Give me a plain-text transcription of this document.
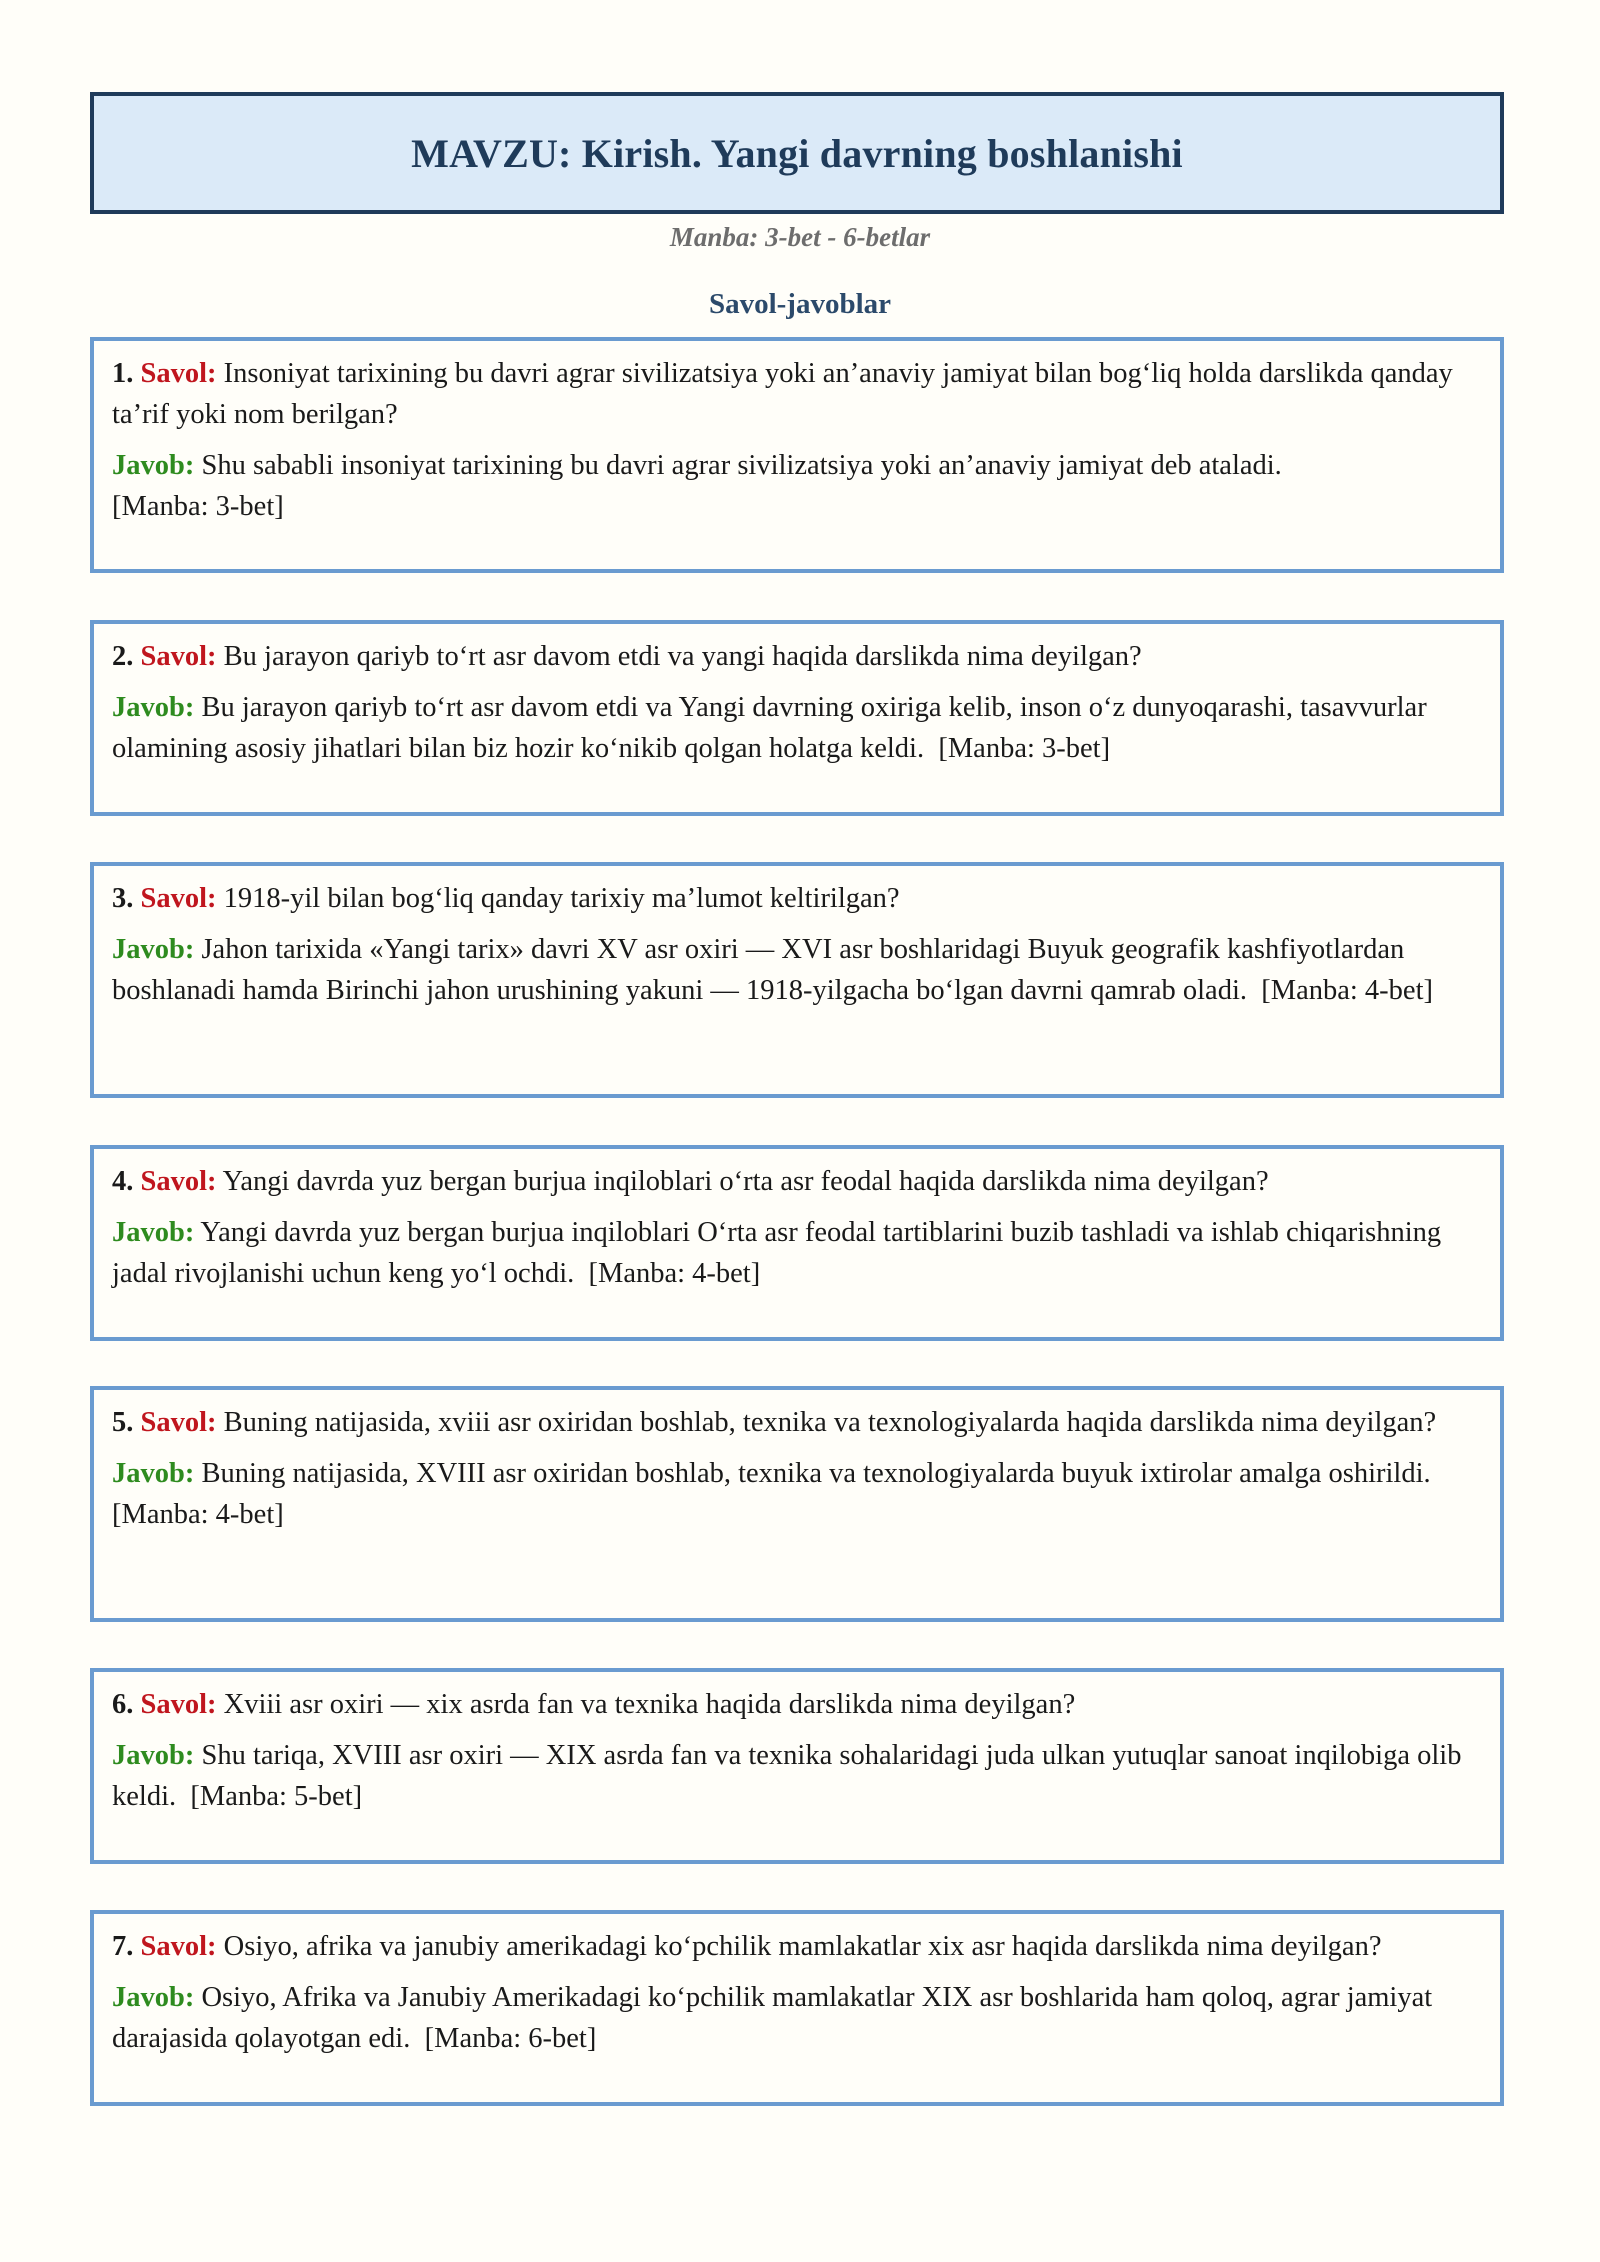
MAVZU: Kirish. Yangi davrning boshlanishi
Manba: 3-bet - 6-betlar
Savol-javoblar

1. Savol: Insoniyat tarixining bu davri agrar sivilizatsiya yoki an’anaviy jamiyat bilan bog‘liq holda darslikda qanday ta’rif yoki nom berilgan?

Javob: Shu sababli insoniyat tarixining bu davri agrar sivilizatsiya yoki an’anaviy jamiyat deb ataladi.
[Manba: 3-bet]

2. Savol: Bu jarayon qariyb to‘rt asr davom etdi va yangi haqida darslikda nima deyilgan?

Javob: Bu jarayon qariyb to‘rt asr davom etdi va Yangi davrning oxiriga kelib, inson o‘z dunyoqarashi, tasavvurlar olamining asosiy jihatlari bilan biz hozir ko‘nikib qolgan holatga keldi. [Manba: 3-bet]

3. Savol: 1918-yil bilan bog‘liq qanday tarixiy ma’lumot keltirilgan?

Javob: Jahon tarixida «Yangi tarix» davri XV asr oxiri — XVI asr boshlaridagi Buyuk geografik kashfiyotlardan boshlanadi hamda Birinchi jahon urushining yakuni — 1918-yilgacha bo‘lgan davrni qamrab oladi. [Manba: 4-bet]

4. Savol: Yangi davrda yuz bergan burjua inqiloblari o‘rta asr feodal haqida darslikda nima deyilgan?

Javob: Yangi davrda yuz bergan burjua inqiloblari O‘rta asr feodal tartiblarini buzib tashladi va ishlab chiqarishning jadal rivojlanishi uchun keng yo‘l ochdi. [Manba: 4-bet]

5. Savol: Buning natijasida, xviii asr oxiridan boshlab, texnika va texnologiyalarda haqida darslikda nima deyilgan?

Javob: Buning natijasida, XVIII asr oxiridan boshlab, texnika va texnologiyalarda buyuk ixtirolar amalga oshirildi.  [Manba: 4-bet]

6. Savol: Xviii asr oxiri — xix asrda fan va texnika haqida darslikda nima deyilgan?

Javob: Shu tariqa, XVIII asr oxiri — XIX asrda fan va texnika sohalaridagi juda ulkan yutuqlar sanoat inqilobiga olib keldi. [Manba: 5-bet]

7. Savol: Osiyo, afrika va janubiy amerikadagi ko‘pchilik mamlakatlar xix asr haqida darslikda nima deyilgan?

Javob: Osiyo, Afrika va Janubiy Amerikadagi ko‘pchilik mamlakatlar XIX asr boshlarida ham qoloq, agrar jamiyat darajasida qolayotgan edi. [Manba: 6-bet]
